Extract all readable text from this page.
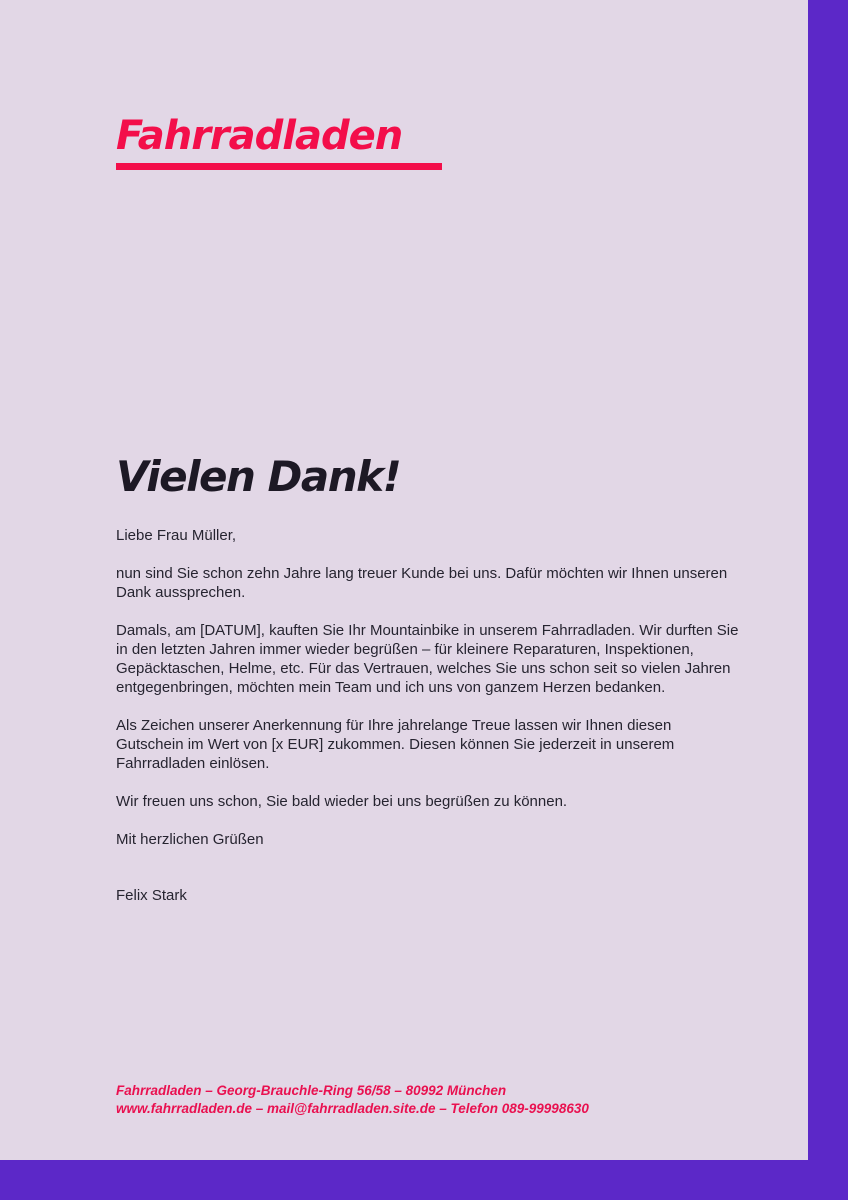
Fahrradladen
Vielen Dank!

Liebe Frau Müller,

nun sind Sie schon zehn Jahre lang treuer Kunde bei uns. Dafür möchten wir Ihnen unseren Dank aussprechen.

Damals, am [DATUM], kauften Sie Ihr Mountainbike in unserem Fahrradladen. Wir durften Sie in den letzten Jahren immer wieder begrüßen – für kleinere Reparaturen, Inspektionen, Gepäcktaschen, Helme, etc. Für das Vertrauen, welches Sie uns schon seit so vielen Jahren entgegenbringen, möchten mein Team und ich uns von ganzem Herzen bedanken.

Als Zeichen unserer Anerkennung für Ihre jahrelange Treue lassen wir Ihnen diesen Gutschein im Wert von [x EUR] zukommen. Diesen können Sie jederzeit in unserem Fahrradladen einlösen.

Wir freuen uns schon, Sie bald wieder bei uns begrüßen zu können.

Mit herzlichen Grüßen

Felix Stark

Fahrradladen – Georg-Brauchle-Ring 56/58 – 80992 München
www.fahrradladen.de – mail@fahrradladen.site.de – Telefon 089-99998630
